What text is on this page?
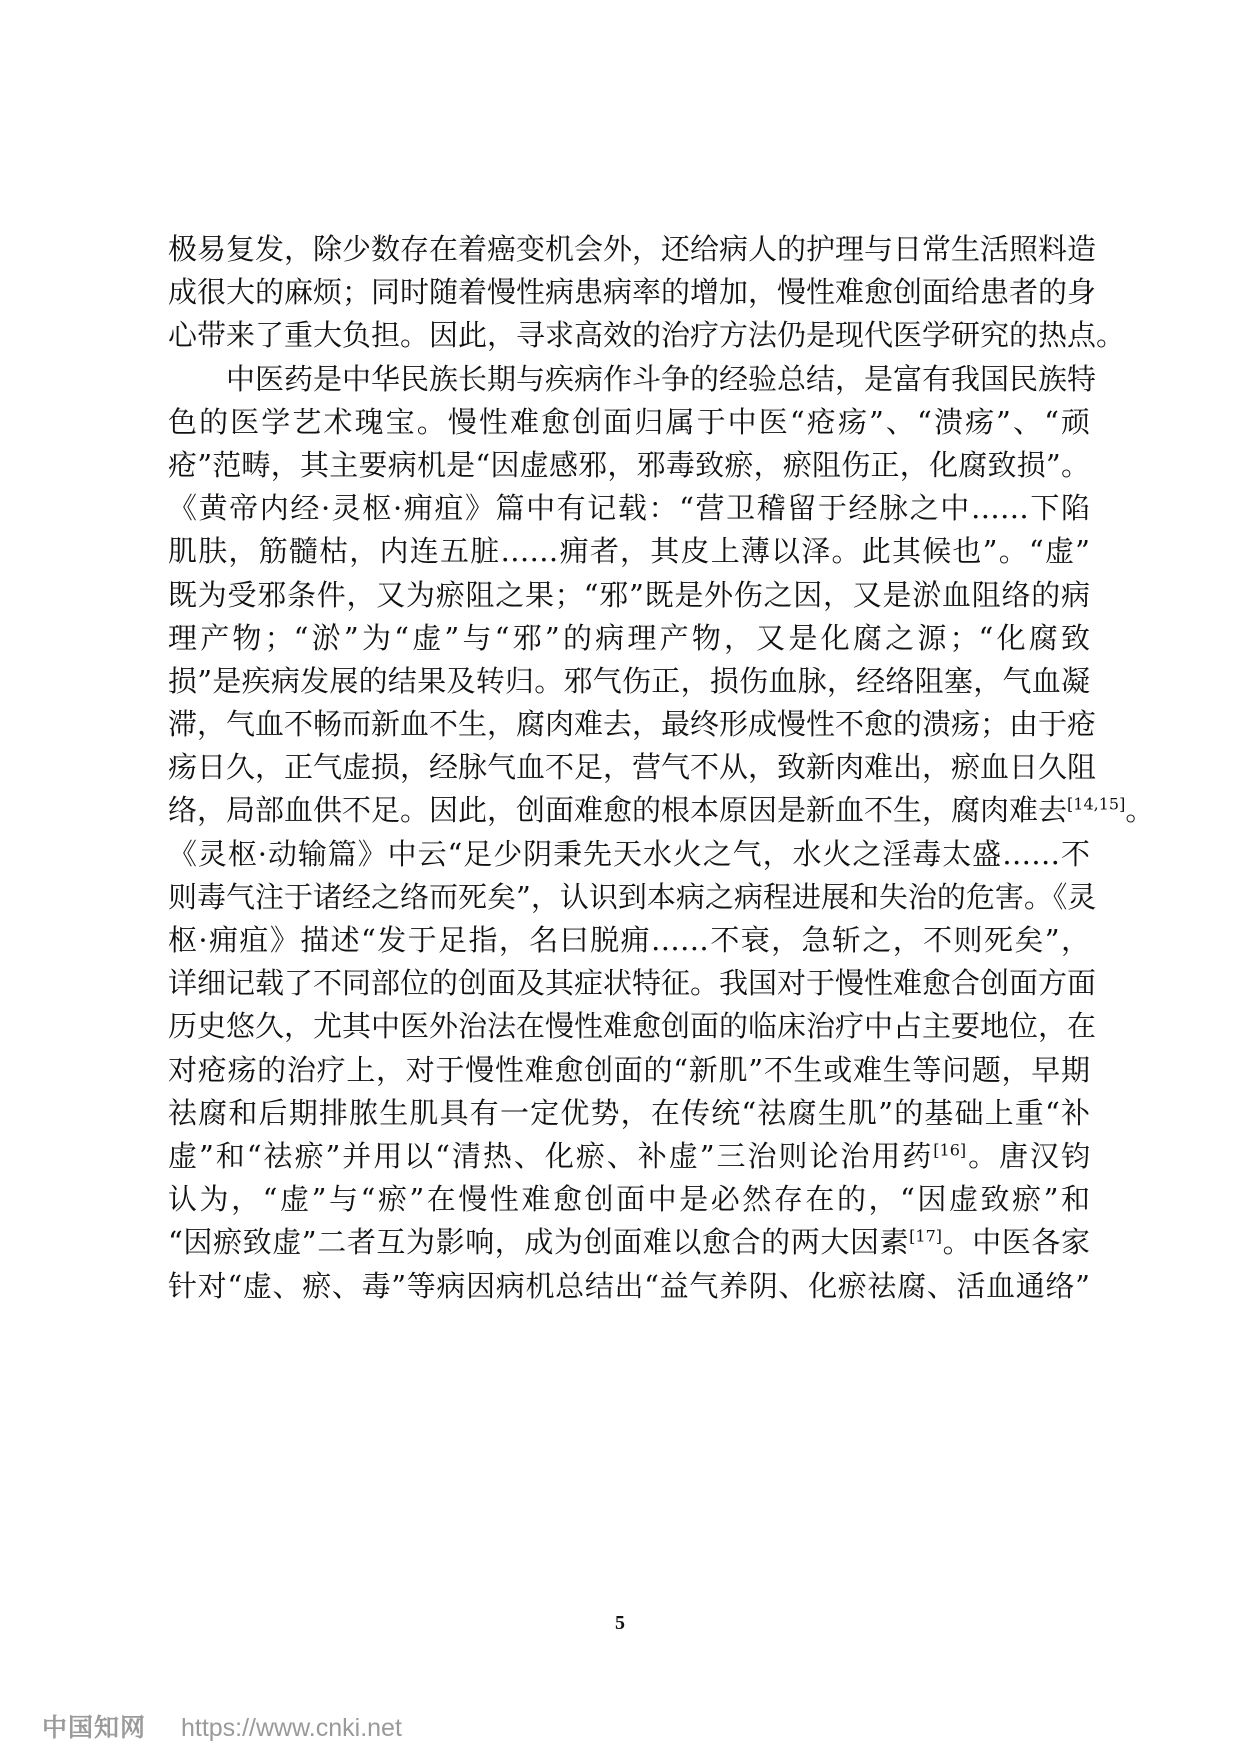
极易复发，除少数存在着癌变机会外，还给病人的护理与日常生活照料造
成很大的麻烦；同时随着慢性病患病率的增加，慢性难愈创面给患者的身
心带来了重大负担。因此，寻求高效的治疗方法仍是现代医学研究的热点。
中医药是中华民族长期与疾病作斗争的经验总结，是富有我国民族特
色的医学艺术瑰宝。慢性难愈创面归属于中医“疮疡”、“溃疡”、“顽
疮”范畴，其主要病机是“因虚感邪，邪毒致瘀，瘀阻伤正，化腐致损”。
《黄帝内经·灵枢·痈疽》篇中有记载：“营卫稽留于经脉之中……下陷
肌肤，筋髓枯，内连五脏……痈者，其皮上薄以泽。此其候也”。“虚”
既为受邪条件，又为瘀阻之果；“邪”既是外伤之因，又是淤血阻络的病
理产物；“淤”为“虚”与“邪”的病理产物，又是化腐之源；“化腐致
损”是疾病发展的结果及转归。邪气伤正，损伤血脉，经络阻塞，气血凝
滞，气血不畅而新血不生，腐肉难去，最终形成慢性不愈的溃疡；由于疮
疡日久，正气虚损，经脉气血不足，营气不从，致新肉难出，瘀血日久阻
络，局部血供不足。因此，创面难愈的根本原因是新血不生，腐肉难去[14,15]。
《灵枢·动输篇》中云“足少阴秉先天水火之气，水火之淫毒太盛……不
则毒气注于诸经之络而死矣”，认识到本病之病程进展和失治的危害。《灵
枢·痈疽》描述“发于足指，名曰脱痈……不衰，急斩之，不则死矣”，
详细记载了不同部位的创面及其症状特征。我国对于慢性难愈合创面方面
历史悠久，尤其中医外治法在慢性难愈创面的临床治疗中占主要地位，在
对疮疡的治疗上，对于慢性难愈创面的“新肌”不生或难生等问题，早期
祛腐和后期排脓生肌具有一定优势，在传统“祛腐生肌”的基础上重“补
虚”和“祛瘀”并用以“清热、化瘀、补虚”三治则论治用药[16]。唐汉钧
认为，“虚”与“瘀”在慢性难愈创面中是必然存在的，“因虚致瘀”和
“因瘀致虚”二者互为影响，成为创面难以愈合的两大因素[17]。中医各家
针对“虚、瘀、毒”等病因病机总结出“益气养阴、化瘀祛腐、活血通络”
5
中国知网 https://www.cnki.net
